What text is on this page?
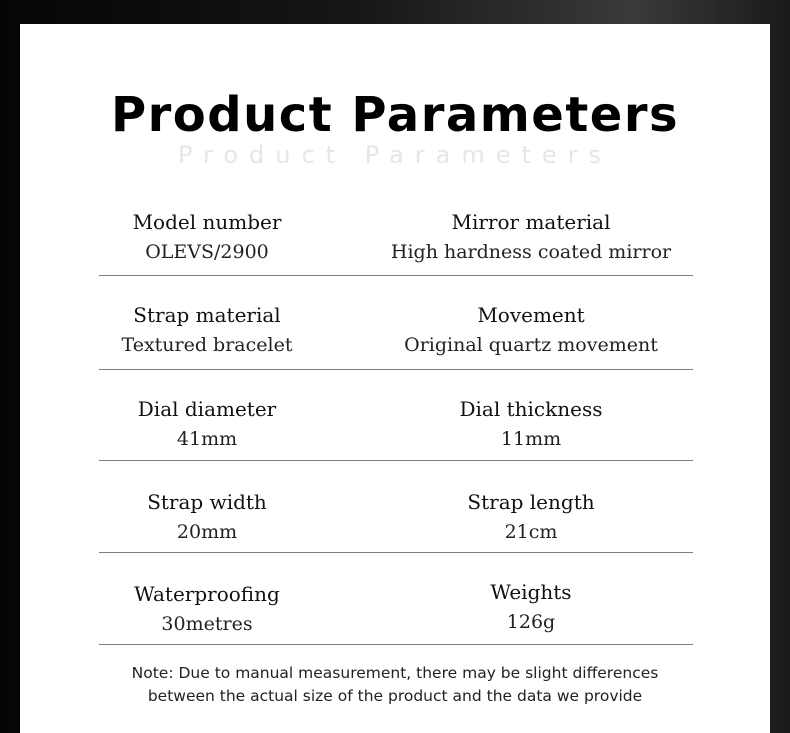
Product Parameters
Product Parameters
Model number
OLEVS/2900
Mirror material
High hardness coated mirror
Strap material
Textured bracelet
Movement
Original quartz movement
Dial diameter
41mm
Dial thickness
11mm
Strap width
20mm
Strap length
21cm
Waterproofing
30metres
Weights
126g
Note: Due to manual measurement, there may be slight differences
between the actual size of the product and the data we provide
